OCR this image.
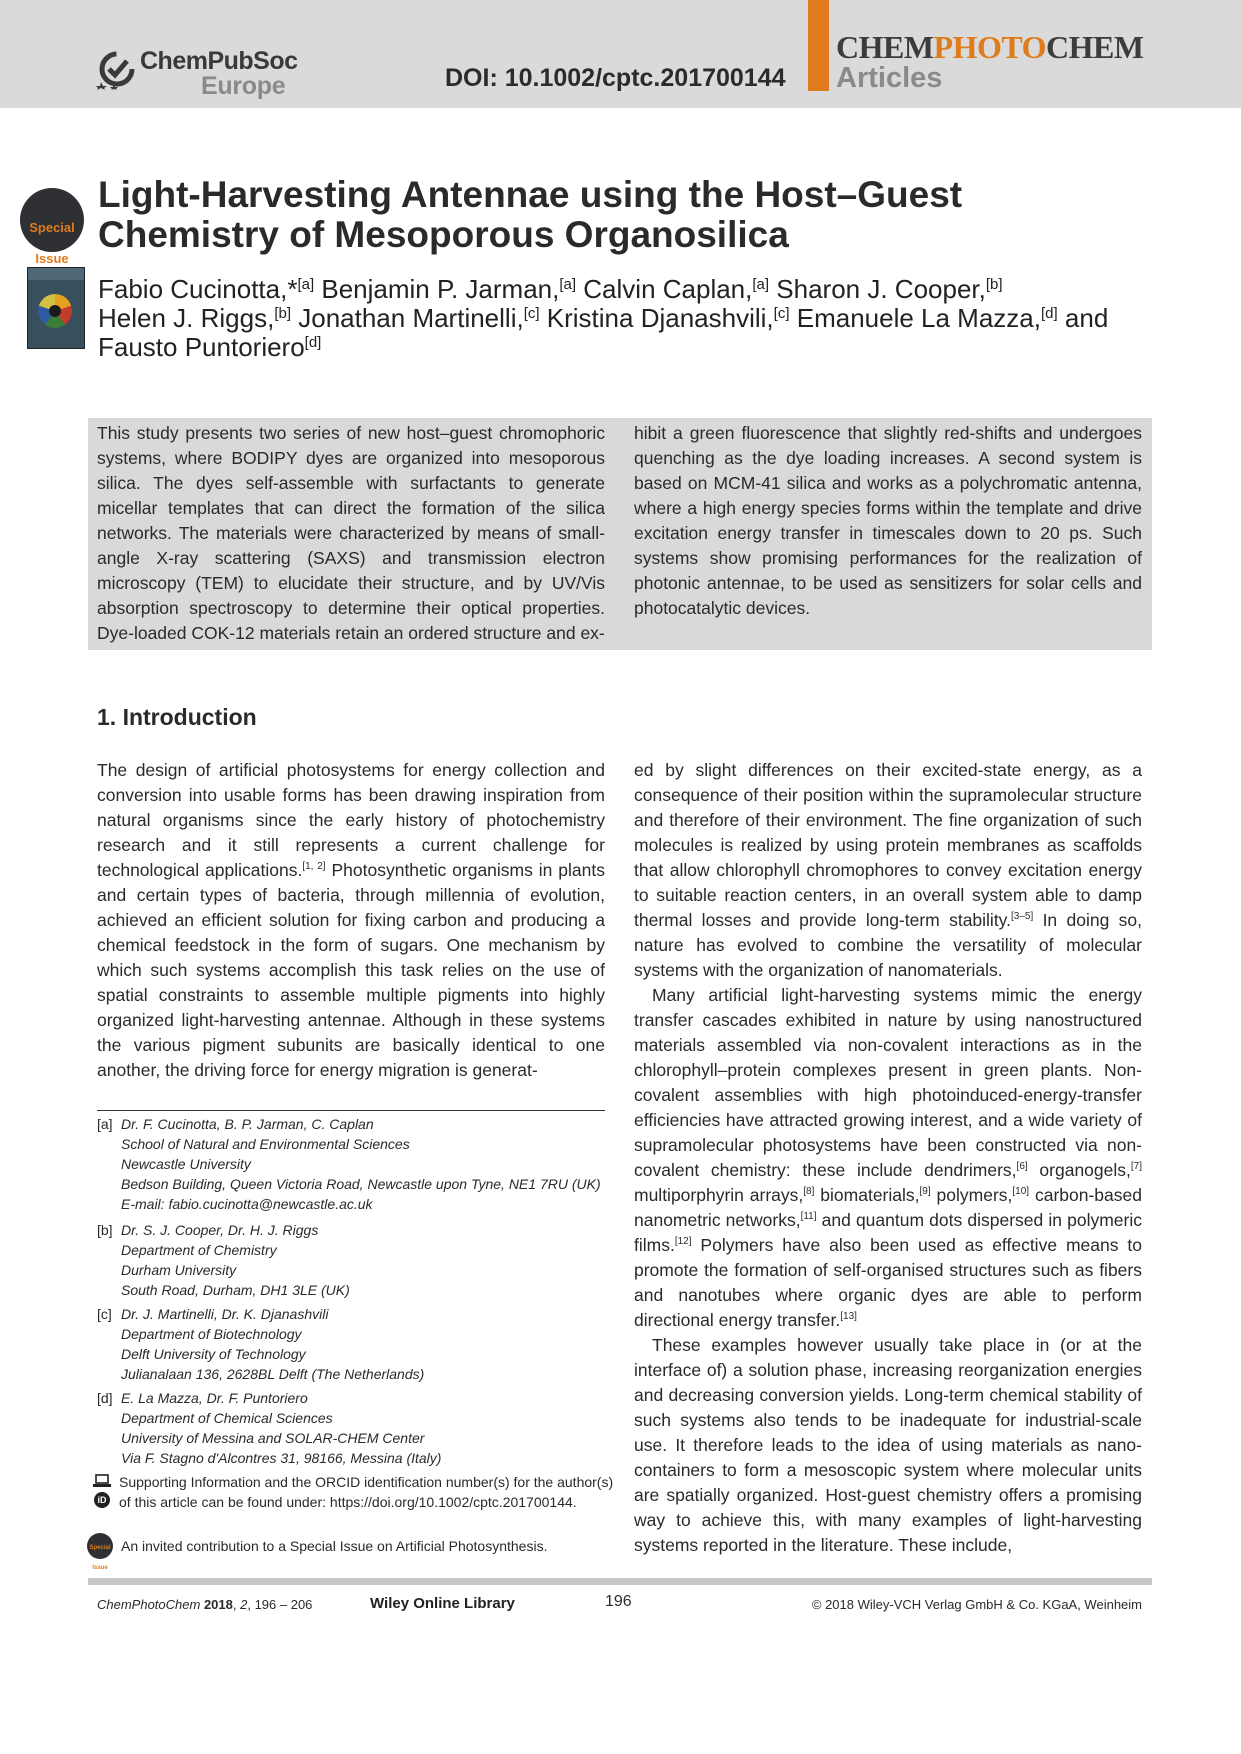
ChemPubSoc
Europe	DOI: 10.1002/cptc.201700144
CHEMPHOTOCHEM
Articles
Special
Issue
Light-Harvesting Antennae using the Host–Guest Chemistry of Mesoporous Organosilica
Fabio Cucinotta,*[a] Benjamin P. Jarman,[a] Calvin Caplan,[a] Sharon J. Cooper,[b]
Helen J. Riggs,[b] Jonathan Martinelli,[c] Kristina Djanashvili,[c] Emanuele La Mazza,[d] and
Fausto Puntoriero[d]
This study presents two series of new host–guest chromophoric systems, where BODIPY dyes are organized into mesoporous silica. The dyes self-assemble with surfactants to generate micellar templates that can direct the formation of the silica networks. The materials were characterized by means of small-angle X-ray scattering (SAXS) and transmission electron microscopy (TEM) to elucidate their structure, and by UV/Vis absorption spectroscopy to determine their optical properties. Dye-loaded COK-12 materials retain an ordered structure and ex-
hibit a green fluorescence that slightly red-shifts and undergoes quenching as the dye loading increases. A second system is based on MCM-41 silica and works as a polychromatic antenna, where a high energy species forms within the template and drive excitation energy transfer in timescales down to 20 ps. Such systems show promising performances for the realization of photonic antennae, to be used as sensitizers for solar cells and photocatalytic devices.
1. Introduction

The design of artificial photosystems for energy collection and conversion into usable forms has been drawing inspiration from natural organisms since the early history of photochemistry research and it still represents a current challenge for technological applications.[1, 2] Photosynthetic organisms in plants and certain types of bacteria, through millennia of evolution, achieved an efficient solution for fixing carbon and producing a chemical feedstock in the form of sugars. One mechanism by which such systems accomplish this task relies on the use of spatial constraints to assemble multiple pigments into highly organized light-harvesting antennae. Although in these systems the various pigment subunits are basically identical to one another, the driving force for energy migration is generat-

ed by slight differences on their excited-state energy, as a consequence of their position within the supramolecular structure and therefore of their environment. The fine organization of such molecules is realized by using protein membranes as scaffolds that allow chlorophyll chromophores to convey excitation energy to suitable reaction centers, in an overall system able to damp thermal losses and provide long-term stability.[3–5] In doing so, nature has evolved to combine the versatility of molecular systems with the organization of nanomaterials.

Many artificial light-harvesting systems mimic the energy transfer cascades exhibited in nature by using nanostructured materials assembled via non-covalent interactions as in the chlorophyll–protein complexes present in green plants. Non-covalent assemblies with high photoinduced-energy-transfer efficiencies have attracted growing interest, and a wide variety of supramolecular photosystems have been constructed via non-covalent chemistry: these include dendrimers,[6] organogels,[7] multiporphyrin arrays,[8] biomaterials,[9] polymers,[10] carbon-based nanometric networks,[11] and quantum dots dispersed in polymeric films.[12] Polymers have also been used as effective means to promote the formation of self-organised structures such as fibers and nanotubes where organic dyes are able to perform directional energy transfer.[13]

These examples however usually take place in (or at the interface of) a solution phase, increasing reorganization energies and decreasing conversion yields. Long-term chemical stability of such systems also tends to be inadequate for industrial-scale use. It therefore leads to the idea of using materials as nano-containers to form a mesoscopic system where molecular units are spatially organized. Host-guest chemistry offers a promising way to achieve this, with many examples of light-harvesting systems reported in the literature. These include,

[a] Dr. F. Cucinotta, B. P. Jarman, C. Caplan
School of Natural and Environmental Sciences
Newcastle University
Bedson Building, Queen Victoria Road, Newcastle upon Tyne, NE1 7RU (UK)
E-mail: fabio.cucinotta@newcastle.ac.uk
[b] Dr. S. J. Cooper, Dr. H. J. Riggs
Department of Chemistry
Durham University
South Road, Durham, DH1 3LE (UK)
[c] Dr. J. Martinelli, Dr. K. Djanashvili
Department of Biotechnology
Delft University of Technology
Julianalaan 136, 2628BL Delft (The Netherlands)
[d] E. La Mazza, Dr. F. Puntoriero
Department of Chemical Sciences
University of Messina and SOLAR-CHEM Center
Via F. Stagno d'Alcontres 31, 98166, Messina (Italy)
iD
Supporting Information and the ORCID identification number(s) for the author(s) of this article can be found under: https://doi.org/10.1002/cptc.201700144.
Special

Issue
An invited contribution to a Special Issue on Artificial Photosynthesis.
ChemPhotoChem 2018, 2, 196 – 206	Wiley Online Library	196	© 2018 Wiley-VCH Verlag GmbH & Co. KGaA, Weinheim
